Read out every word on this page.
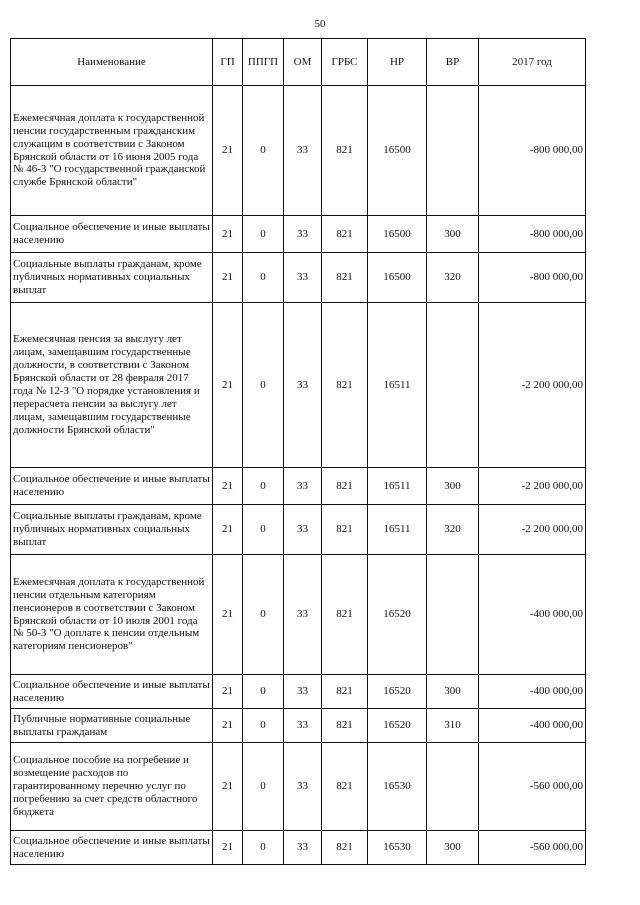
50
Наименование	ГП	ППГП	ОМ	ГРБС	НР	ВР	2017 год
Ежемесячная доплата к государственной пенсии государственным гражданским служащим в соответствии с Законом Брянской области от 16 июня 2005 года № 46-З "О государственной гражданской службе Брянской области"	21	0	33	821	16500		-800 000,00
Социальное обеспечение и иные выплаты населению	21	0	33	821	16500	300	-800 000,00
Социальные выплаты гражданам, кроме публичных нормативных социальных выплат	21	0	33	821	16500	320	-800 000,00
Ежемесячная пенсия за выслугу лет лицам, замещавшим государственные должности, в соответствии с Законом Брянской области от 28 февраля 2017 года № 12-З "О порядке установления и перерасчета пенсии за выслугу лет лицам, замещавшим государственные должности Брянской области"	21	0	33	821	16511		-2 200 000,00
Социальное обеспечение и иные выплаты населению	21	0	33	821	16511	300	-2 200 000,00
Социальные выплаты гражданам, кроме публичных нормативных социальных выплат	21	0	33	821	16511	320	-2 200 000,00
Ежемесячная доплата к государственной пенсии отдельным категориям пенсионеров в соответствии с Законом Брянской области от 10 июля 2001 года № 50-З "О доплате к пенсии отдельным категориям пенсионеров"	21	0	33	821	16520		-400 000,00
Социальное обеспечение и иные выплаты населению	21	0	33	821	16520	300	-400 000,00
Публичные нормативные социальные выплаты гражданам	21	0	33	821	16520	310	-400 000,00
Социальное пособие на погребение и возмещение расходов по гарантированному перечню услуг по погребению за счет средств областного бюджета	21	0	33	821	16530		-560 000,00
Социальное обеспечение и иные выплаты населению	21	0	33	821	16530	300	-560 000,00
